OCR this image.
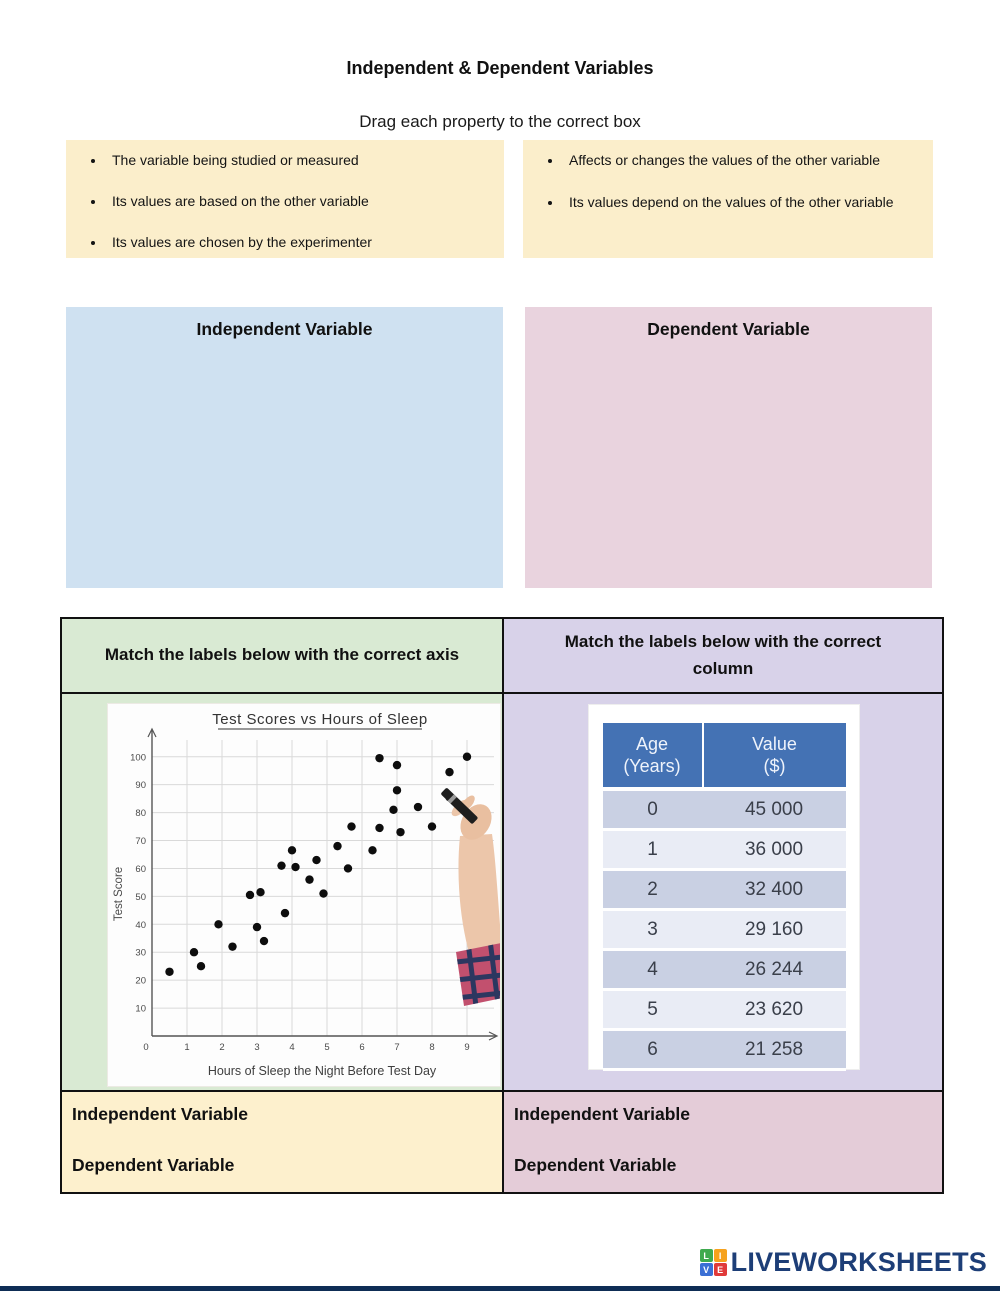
Independent & Dependent Variables
Drag each property to the correct box
• The variable being studied or measured
• Its values are based on the other variable
• Its values are chosen by the experimenter
• Affects or changes the values of the other variable
• Its values depend on the values of the other variable
Independent Variable	Dependent Variable
Match the labels below with the correct axis
Match the labels below with the correct column
10
20
30
40
50
60
70
80
90
100
0	1	2	3	4	5	6	7	8	9
Test Scores vs Hours of Sleep
Hours of Sleep the Night Before Test Day
Test Score
Age
(Years)	Value
($)
0	45 000
1	36 000
2	32 400
3	29 160
4	26 244
5	23 620
6	21 258
Independent Variable
Dependent Variable
Independent Variable
Dependent Variable
L	I
V E LIVEWORKSHEETS
